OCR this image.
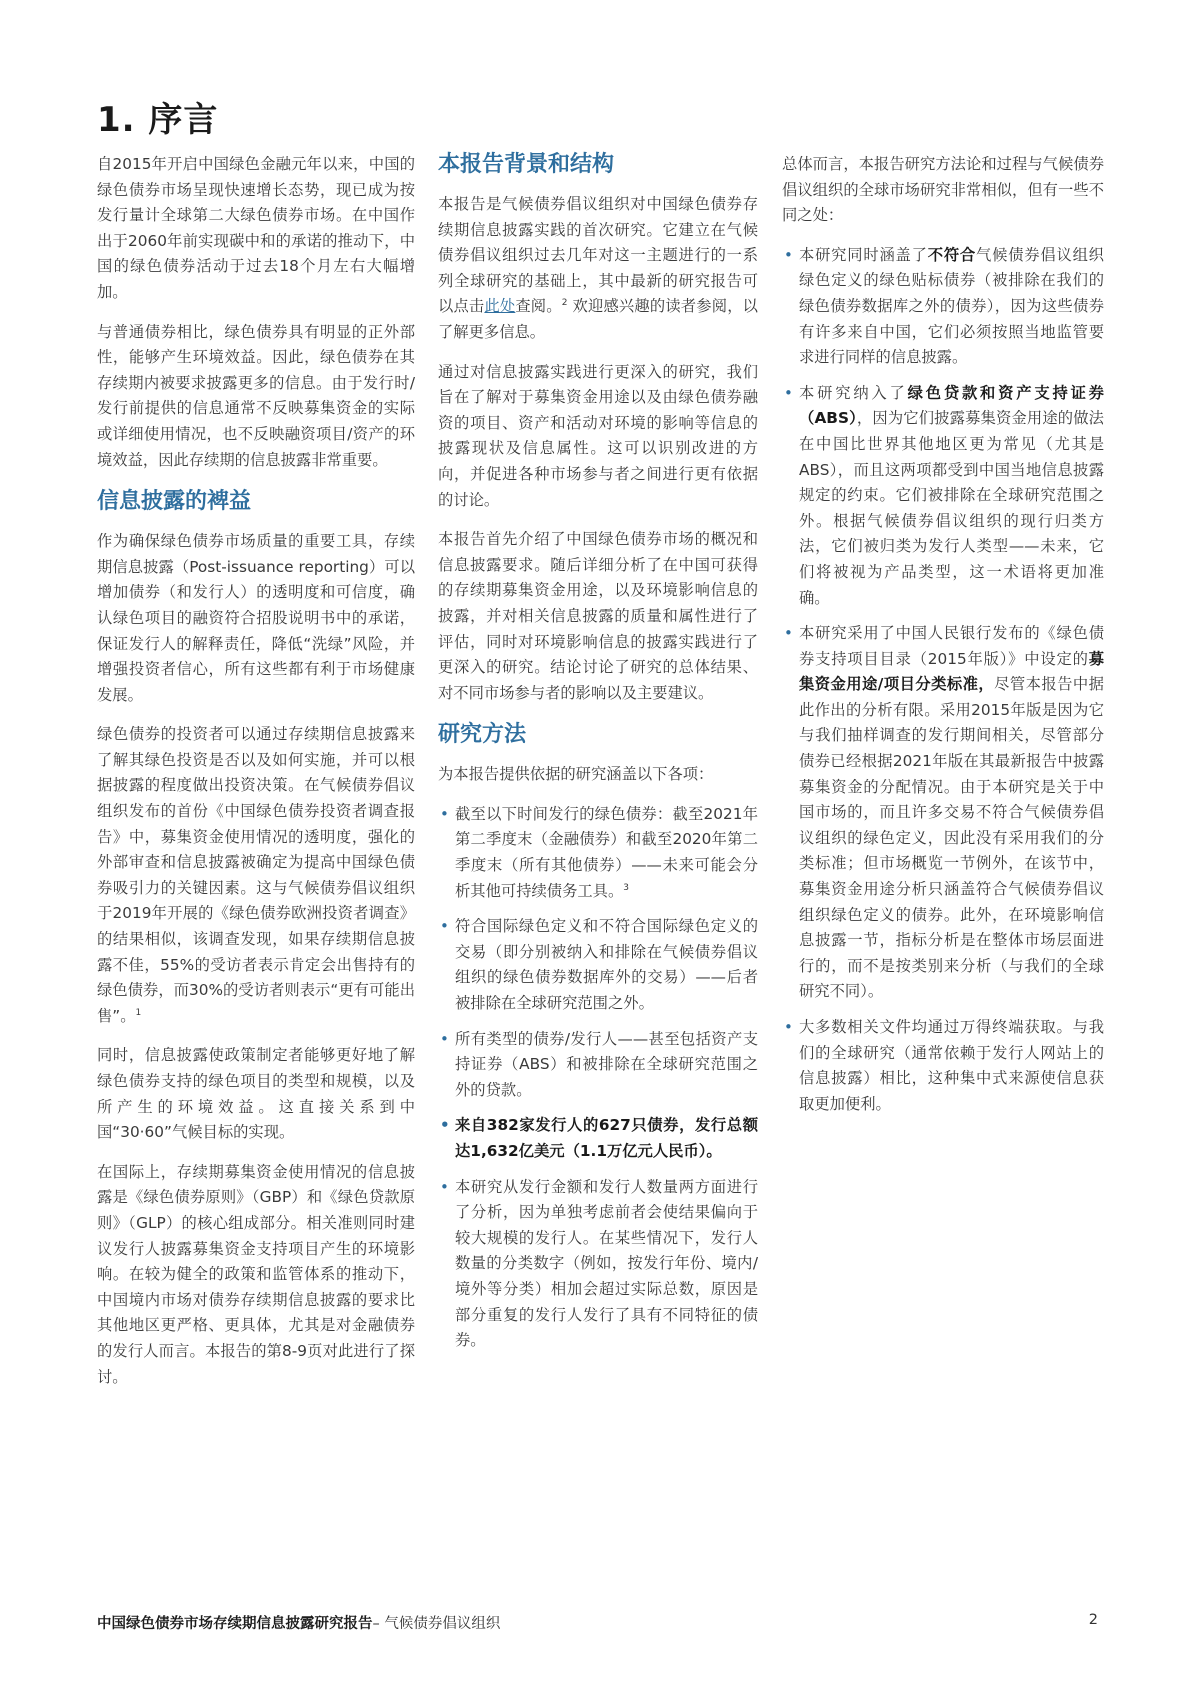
1. 序言

自2015年开启中国绿色金融元年以来，中国的绿色债券市场呈现快速增长态势，现已成为按发行量计全球第二大绿色债券市场。在中国作出于2060年前实现碳中和的承诺的推动下，中国的绿色债券活动于过去18个月左右大幅增加。

与普通债券相比，绿色债券具有明显的正外部性，能够产生环境效益。因此，绿色债券在其存续期内被要求披露更多的信息。由于发行时/发行前提供的信息通常不反映募集资金的实际或详细使用情况，也不反映融资项目/资产的环境效益，因此存续期的信息披露非常重要。

信息披露的裨益

作为确保绿色债券市场质量的重要工具，存续期信息披露（Post-issuance reporting）可以增加债券（和发行人）的透明度和可信度，确认绿色项目的融资符合招股说明书中的承诺，保证发行人的解释责任，降低“洗绿”风险，并增强投资者信心，所有这些都有利于市场健康发展。

绿色债券的投资者可以通过存续期信息披露来了解其绿色投资是否以及如何实施，并可以根据披露的程度做出投资决策。在气候债券倡议组织发布的首份《中国绿色债券投资者调查报告》中，募集资金使用情况的透明度，强化的外部审查和信息披露被确定为提高中国绿色债券吸引力的关键因素。这与气候债券倡议组织于2019年开展的《绿色债券欧洲投资者调查》的结果相似，该调查发现，如果存续期信息披露不佳，55%的受访者表示肯定会出售持有的绿色债券，而30%的受访者则表示“更有可能出售”。$^1$

同时，信息披露使政策制定者能够更好地了解绿色债券支持的绿色项目的类型和规模，以及所产生的环境效益。这直接关系到中国“30·60”气候目标的实现。

在国际上，存续期募集资金使用情况的信息披露是《绿色债券原则》（GBP）和《绿色贷款原则》（GLP）的核心组成部分。相关准则同时建议发行人披露募集资金支持项目产生的环境影响。在较为健全的政策和监管体系的推动下，中国境内市场对债券存续期信息披露的要求比其他地区更严格、更具体，尤其是对金融债券的发行人而言。本报告的第8-9页对此进行了探讨。

本报告背景和结构

本报告是气候债券倡议组织对中国绿色债券存续期信息披露实践的首次研究。它建立在气候债券倡议组织过去几年对这一主题进行的一系列全球研究的基础上，其中最新的研究报告可以点击此处查阅。$^2$ 欢迎感兴趣的读者参阅，以了解更多信息。

通过对信息披露实践进行更深入的研究，我们旨在了解对于募集资金用途以及由绿色债券融资的项目、资产和活动对环境的影响等信息的披露现状及信息属性。这可以识别改进的方向，并促进各种市场参与者之间进行更有依据的讨论。

本报告首先介绍了中国绿色债券市场的概况和信息披露要求。随后详细分析了在中国可获得的存续期募集资金用途，以及环境影响信息的披露，并对相关信息披露的质量和属性进行了评估，同时对环境影响信息的披露实践进行了更深入的研究。结论讨论了研究的总体结果、对不同市场参与者的影响以及主要建议。

研究方法

为本报告提供依据的研究涵盖以下各项：

• 截至以下时间发行的绿色债券：截至2021年第二季度末（金融债券）和截至2020年第二季度末（所有其他债券）——未来可能会分析其他可持续债务工具。$^3$
• 符合国际绿色定义和不符合国际绿色定义的交易（即分别被纳入和排除在气候债券倡议组织的绿色债券数据库外的交易）——后者被排除在全球研究范围之外。
• 所有类型的债券/发行人——甚至包括资产支持证券（ABS）和被排除在全球研究范围之外的贷款。
• 来自382家发行人的627只债券，发行总额达1,632亿美元（1.1万亿元人民币）。
• 本研究从发行金额和发行人数量两方面进行了分析，因为单独考虑前者会使结果偏向于较大规模的发行人。在某些情况下，发行人数量的分类数字（例如，按发行年份、境内/境外等分类）相加会超过实际总数，原因是部分重复的发行人发行了具有不同特征的债券。

总体而言，本报告研究方法论和过程与气候债券倡议组织的全球市场研究非常相似，但有一些不同之处：

• 本研究同时涵盖了不符合气候债券倡议组织绿色定义的绿色贴标债券（被排除在我们的绿色债券数据库之外的债券），因为这些债券有许多来自中国，它们必须按照当地监管要求进行同样的信息披露。
• 本研究纳入了绿色贷款和资产支持证券（ABS），因为它们披露募集资金用途的做法在中国比世界其他地区更为常见（尤其是ABS），而且这两项都受到中国当地信息披露规定的约束。它们被排除在全球研究范围之外。根据气候债券倡议组织的现行归类方法，它们被归类为发行人类型——未来，它们将被视为产品类型，这一术语将更加准确。
• 本研究采用了中国人民银行发布的《绿色债券支持项目目录（2015年版）》中设定的募集资金用途/项目分类标准，尽管本报告中据此作出的分析有限。采用2015年版是因为它与我们抽样调查的发行期间相关，尽管部分债券已经根据2021年版在其最新报告中披露募集资金的分配情况。由于本研究是关于中国市场的，而且许多交易不符合气候债券倡议组织的绿色定义，因此没有采用我们的分类标准；但市场概览一节例外，在该节中，募集资金用途分析只涵盖符合气候债券倡议组织绿色定义的债券。此外，在环境影响信息披露一节，指标分析是在整体市场层面进行的，而不是按类别来分析（与我们的全球研究不同）。
• 大多数相关文件均通过万得终端获取。与我们的全球研究（通常依赖于发行人网站上的信息披露）相比，这种集中式来源使信息获取更加便利。
中国绿色债券市场存续期信息披露研究报告– 气候债券倡议组织	2
